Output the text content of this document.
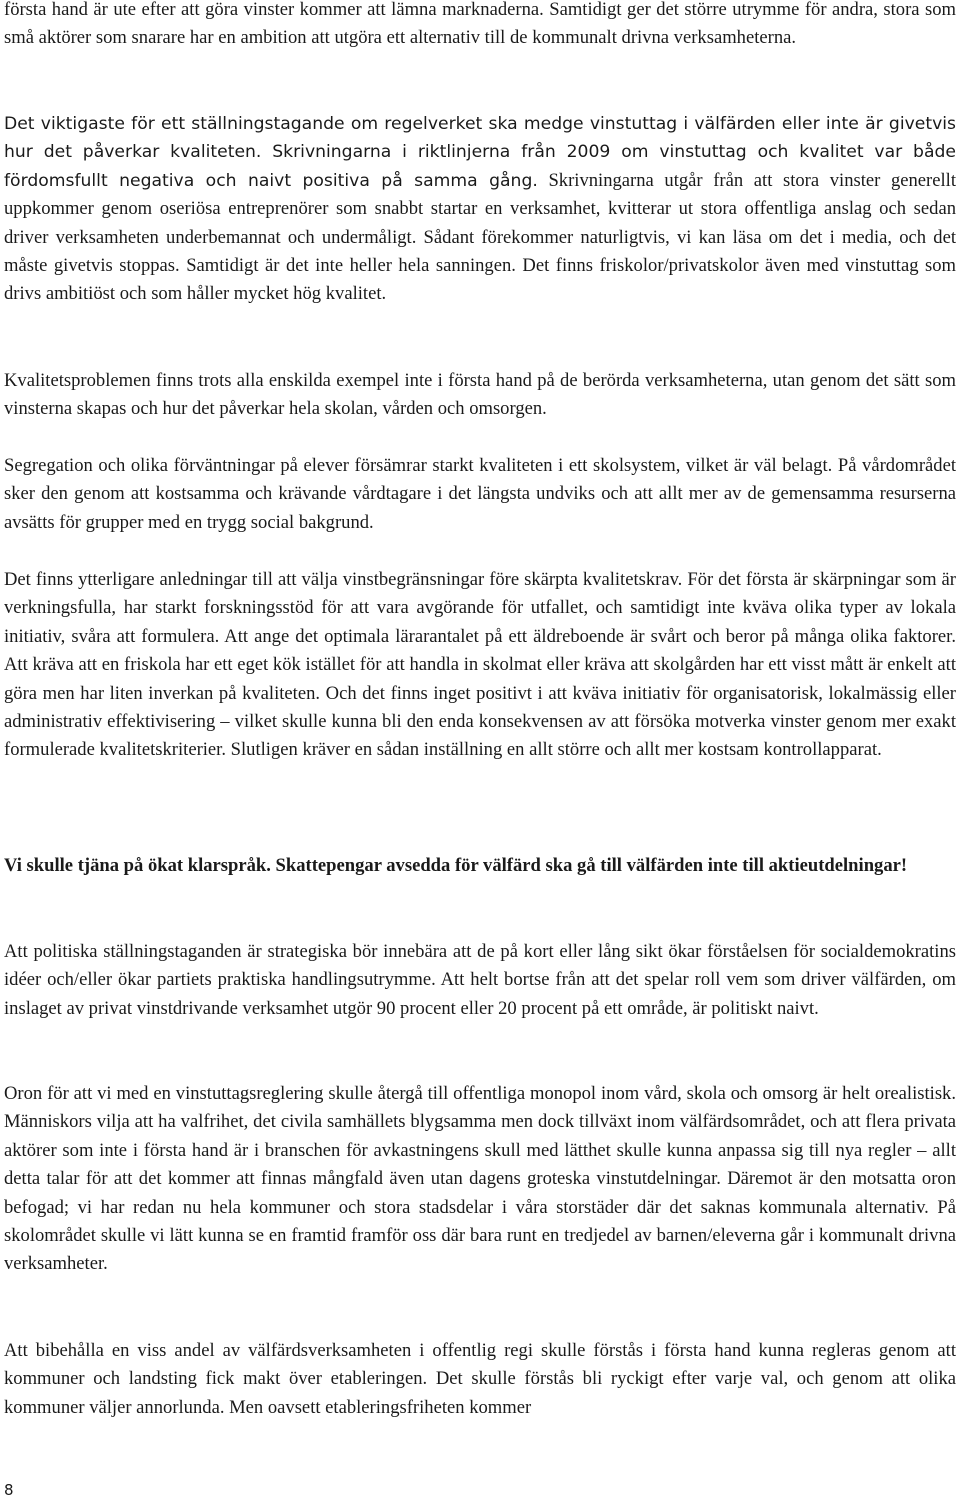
första hand är ute efter att göra vinster kommer att lämna marknaderna. Samtidigt ger det större utrymme för andra, stora som små aktörer som snarare har en ambition att utgöra ett alternativ till de kommunalt drivna verksamheterna.

Det viktigaste för ett ställningstagande om regelverket ska medge vinstuttag i välfärden eller inte är givetvis hur det påverkar kvaliteten. Skrivningarna i riktlinjerna från 2009 om vinstuttag och kvalitet var både fördomsfullt negativa och naivt positiva på samma gång. Skrivningarna utgår från att stora vinster generellt uppkommer genom oseriösa entreprenörer som snabbt startar en verksamhet, kvitterar ut stora offentliga anslag och sedan driver verksamheten underbemannat och undermåligt. Sådant förekommer naturligtvis, vi kan läsa om det i media, och det måste givetvis stoppas. Samtidigt är det inte heller hela sanningen. Det finns friskolor/privatskolor även med vinstuttag som drivs ambitiöst och som håller mycket hög kvalitet.

Kvalitetsproblemen finns trots alla enskilda exempel inte i första hand på de berörda verksamheterna, utan genom det sätt som vinsterna skapas och hur det påverkar hela skolan, vården och omsorgen.

Segregation och olika förväntningar på elever försämrar starkt kvaliteten i ett skolsystem, vilket är väl belagt. På vårdområdet sker den genom att kostsamma och krävande vårdtagare i det längsta undviks och att allt mer av de gemensamma resurserna avsätts för grupper med en trygg social bakgrund.

Det finns ytterligare anledningar till att välja vinstbegränsningar före skärpta kvalitetskrav. För det första är skärpningar som är verkningsfulla, har starkt forskningsstöd för att vara avgörande för utfallet, och samtidigt inte kväva olika typer av lokala initiativ, svåra att formulera. Att ange det optimala lärarantalet på ett äldreboende är svårt och beror på många olika faktorer. Att kräva att en friskola har ett eget kök istället för att handla in skolmat eller kräva att skolgården har ett visst mått är enkelt att göra men har liten inverkan på kvaliteten. Och det finns inget positivt i att kväva initiativ för organisatorisk, lokalmässig eller administrativ effektivisering – vilket skulle kunna bli den enda konsekvensen av att försöka motverka vinster genom mer exakt formulerade kvalitetskriterier. Slutligen kräver en sådan inställning en allt större och allt mer kostsam kontrollapparat.

Vi skulle tjäna på ökat klarspråk. Skattepengar avsedda för välfärd ska gå till välfärden inte till aktieutdelningar!

Att politiska ställningstaganden är strategiska bör innebära att de på kort eller lång sikt ökar förståelsen för socialdemokratins idéer och/eller ökar partiets praktiska handlingsutrymme. Att helt bortse från att det spelar roll vem som driver välfärden, om inslaget av privat vinstdrivande verksamhet utgör 90 procent eller 20 procent på ett område, är politiskt naivt.

Oron för att vi med en vinstuttagsreglering skulle återgå till offentliga monopol inom vård, skola och omsorg är helt orealistisk. Människors vilja att ha valfrihet, det civila samhällets blygsamma men dock tillväxt inom välfärdsområdet, och att flera privata aktörer som inte i första hand är i branschen för avkastningens skull med lätthet skulle kunna anpassa sig till nya regler – allt detta talar för att det kommer att finnas mångfald även utan dagens groteska vinstutdelningar. Däremot är den motsatta oron befogad; vi har redan nu hela kommuner och stora stadsdelar i våra storstäder där det saknas kommunala alternativ. På skolområdet skulle vi lätt kunna se en framtid framför oss där bara runt en tredjedel av barnen/eleverna går i kommunalt drivna verksamheter.

Att bibehålla en viss andel av välfärdsverksamheten i offentlig regi skulle förstås i första hand kunna regleras genom att kommuner och landsting fick makt över etableringen. Det skulle förstås bli ryckigt efter varje val, och genom att olika kommuner väljer annorlunda. Men oavsett etableringsfriheten kommer

8
